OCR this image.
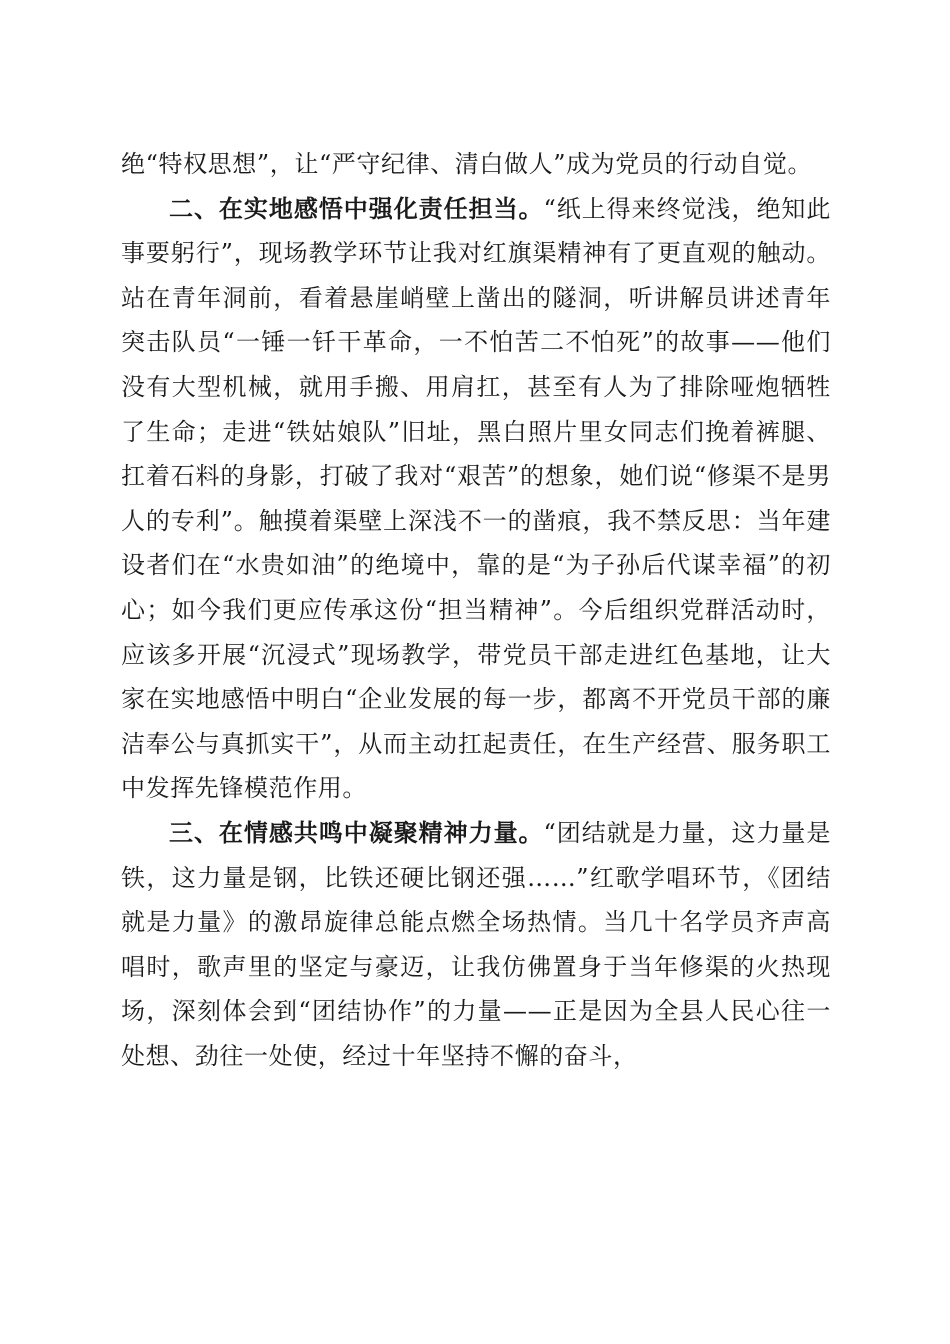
绝“特权思想”，让“严守纪律、清白做人”成为党员的行动自觉。

二、在实地感悟中强化责任担当。“纸上得来终觉浅，绝知此事要躬行”，现场教学环节让我对红旗渠精神有了更直观的触动。站在青年洞前，看着悬崖峭壁上凿出的隧洞，听讲解员讲述青年突击队员“一锤一钎干革命，一不怕苦二不怕死”的故事——他们没有大型机械，就用手搬、用肩扛，甚至有人为了排除哑炮牺牲了生命；走进“铁姑娘队”旧址，黑白照片里女同志们挽着裤腿、扛着石料的身影，打破了我对“艰苦”的想象，她们说“修渠不是男人的专利”。触摸着渠壁上深浅不一的凿痕，我不禁反思：当年建设者们在“水贵如油”的绝境中，靠的是“为子孙后代谋幸福”的初心；如今我们更应传承这份“担当精神”。今后组织党群活动时，应该多开展“沉浸式”现场教学，带党员干部走进红色基地，让大家在实地感悟中明白“企业发展的每一步，都离不开党员干部的廉洁奉公与真抓实干”，从而主动扛起责任，在生产经营、服务职工中发挥先锋模范作用。

三、在情感共鸣中凝聚精神力量。“团结就是力量，这力量是铁，这力量是钢，比铁还硬比钢还强……”红歌学唱环节，《团结就是力量》的激昂旋律总能点燃全场热情。当几十名学员齐声高唱时，歌声里的坚定与豪迈，让我仿佛置身于当年修渠的火热现场，深刻体会到“团结协作”的力量——正是因为全县人民心往一处想、劲往一处使，经过十年坚持不懈的奋斗，
